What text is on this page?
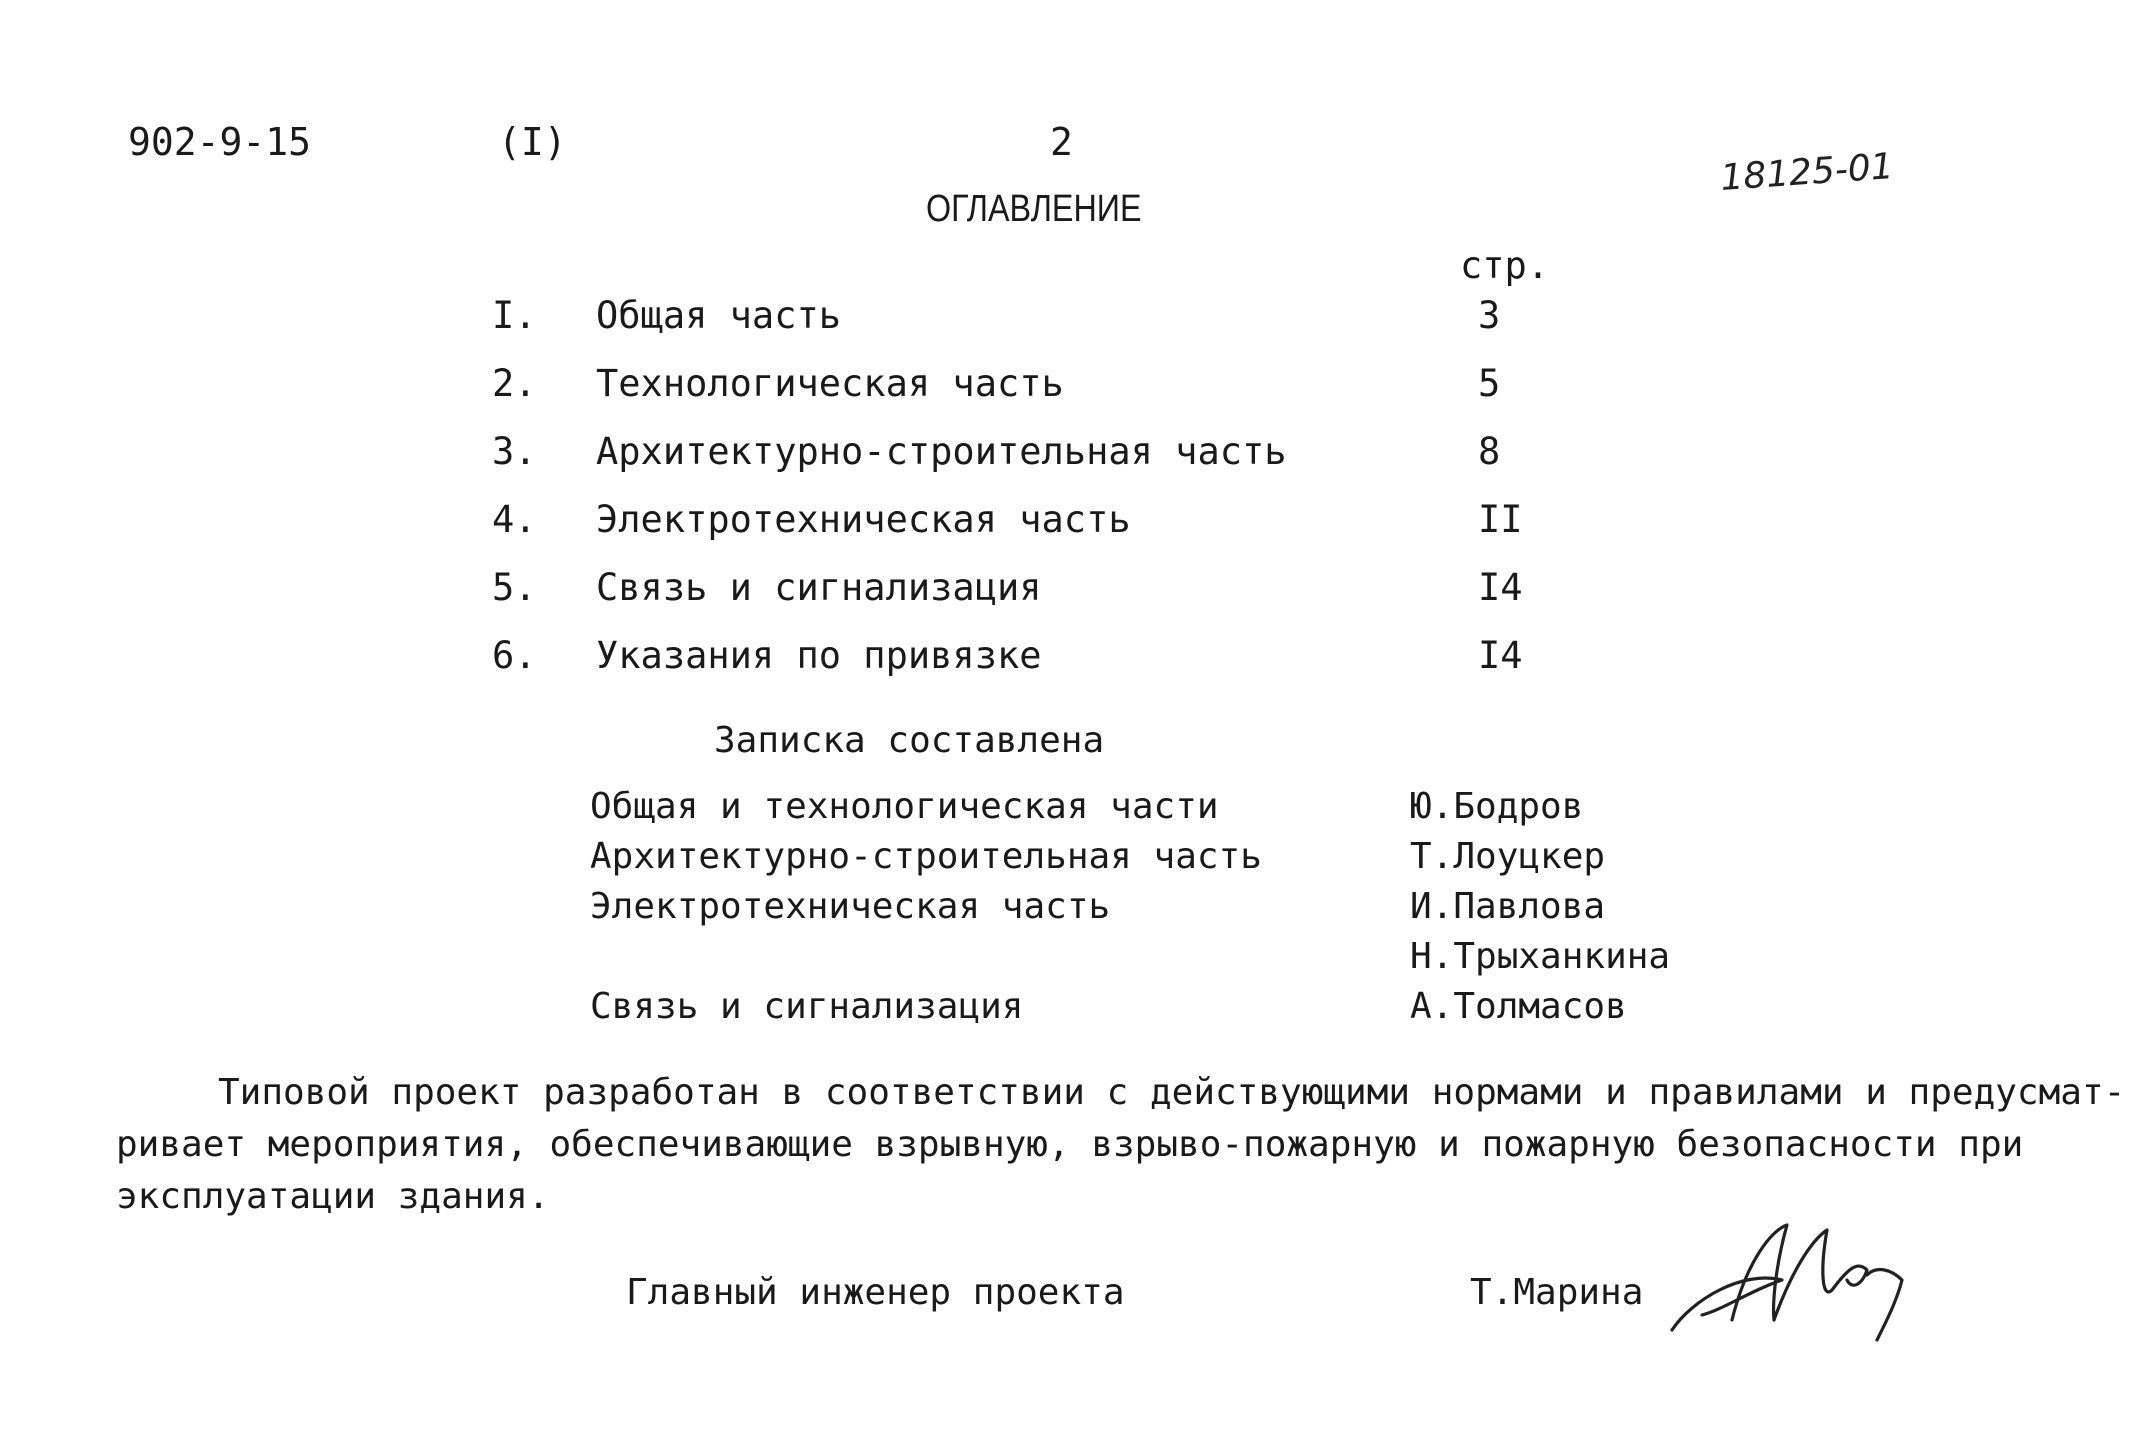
902-9-15	(I)	2
18125-01
ОГЛАВЛЕНИЕ
стр.
I. Общая часть	3
2. Технологическая часть	5
3. Архитектурно-строительная часть	8
4. Электротехническая часть	II
5. Связь и сигнализация	I4
6. Указания по привязке	I4
Записка составлена
Общая и технологическая части	Ю.Бодров
Архитектурно-строительная часть	Т.Лоуцкер
Электротехническая часть	И.Павлова
Н.Трыханкина
Связь и сигнализация	А.Толмасов
Типовой проект разработан в соответствии с действующими нормами и правилами и предусмат-
ривает мероприятия, обеспечивающие взрывную, взрыво-пожарную и пожарную безопасности при
эксплуатации здания.
Главный инженер проекта	Т.Марина
